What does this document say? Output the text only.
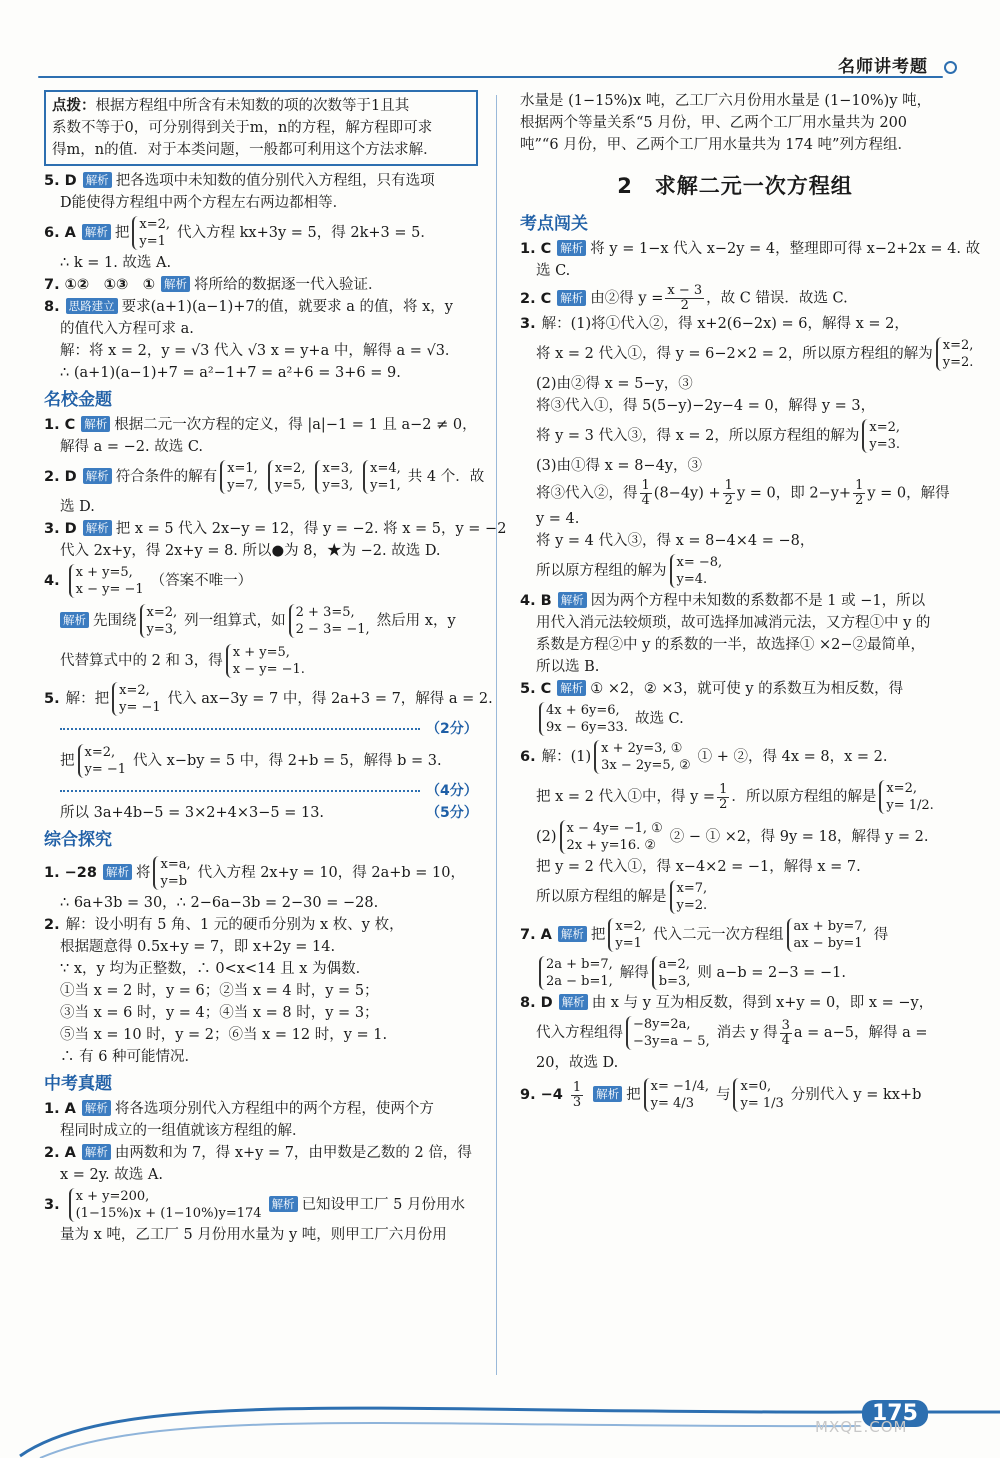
名师讲考题
点拨：根据方程组中所含有未知数的项的次数等于1且其
系数不等于0，可分别得到关于m，n的方程，解方程即可求
得m，n的值．对于本类问题，一般都可利用这个方法求解．
5. D 解析 把各选项中未知数的值分别代入方程组，只有选项
D能使得方程组中两个方程左右两边都相等．
6. A 解析 把x=2,
y=1代入方程 kx+3y = 5，得 2k+3 = 5．
∴ k = 1. 故选 A.
7. ①②　①③　① 解析 将所给的数据逐一代入验证．
8. 思路建立 要求(a+1)(a−1)+7的值，就要求 a 的值，将 x，y
的值代入方程可求 a.
解：将 x = 2，y = √3 代入 √3 x = y+a 中，解得 a = √3．
∴ (a+1)(a−1)+7 = a²−1+7 = a²+6 = 3+6 = 9.
名校金题
1. C 解析 根据二元一次方程的定义，得 |a|−1 = 1 且 a−2 ≠ 0，
解得 a = −2. 故选 C.
2. D 解析 符合条件的解有x=1,
y=7,x=2,
y=5,x=3,
y=3,x=4,
y=1,共 4 个．故
选 D.
3. D 解析 把 x = 5 代入 2x−y = 12，得 y = −2. 将 x = 5，y = −2
代入 2x+y，得 2x+y = 8. 所以●为 8，★为 −2. 故选 D.
4.x + y=5,
x − y= −1（答案不唯一）
解析 先围绕x=2,
y=3,列一组算式，如2 + 3=5,
2 − 3= −1,然后用 x，y
代替算式中的 2 和 3，得x + y=5,
x − y= −1.
5. 解：把x=2,
y= −1代入 ax−3y = 7 中，得 2a+3 = 7，解得 a = 2.
（2分）
把x=2,
y= −1代入 x−by = 5 中，得 2+b = 5，解得 b = 3.
（4分）
所以 3a+4b−5 = 3×2+4×3−5 = 13.	（5分）
综合探究
1. −28 解析 将x=a,
y=b代入方程 2x+y = 10，得 2a+b = 10，
∴ 6a+3b = 30，∴ 2−6a−3b = 2−30 = −28.
2. 解：设小明有 5 角、1 元的硬币分别为 x 枚、y 枚，
根据题意得 0.5x+y = 7，即 x+2y = 14.
∵ x，y 均为正整数，∴ 0<x<14 且 x 为偶数．
①当 x = 2 时，y = 6；②当 x = 4 时，y = 5；
③当 x = 6 时，y = 4；④当 x = 8 时，y = 3；
⑤当 x = 10 时，y = 2；⑥当 x = 12 时，y = 1.
∴ 有 6 种可能情况．
中考真题
1. A 解析 将各选项分别代入方程组中的两个方程，使两个方
程同时成立的一组值就该方程组的解．
2. A 解析 由两数和为 7，得 x+y = 7，由甲数是乙数的 2 倍，得
x = 2y. 故选 A.
3.x + y=200,
(1−15%)x + (1−10%)y=174解析 已知设甲工厂 5 月份用水
量为 x 吨，乙工厂 5 月份用水量为 y 吨，则甲工厂六月份用
水量是 (1−15%)x 吨，乙工厂六月份用水量是 (1−10%)y 吨，
根据两个等量关系“5 月份，甲、乙两个工厂用水量共为 200
吨”“6 月份，甲、乙两个工厂用水量共为 174 吨”列方程组．
2　求解二元一次方程组
考点闯关
1. C 解析 将 y = 1−x 代入 x−2y = 4，整理即可得 x−2+2x = 4. 故
选 C.
2. C 解析 由②得 $y = \frac{x - 3}{2}$ ，故 C 错误．故选 C.
3. 解：(1)将①代入②，得 x+2(6−2x) = 6，解得 x = 2，
将 x = 2 代入①，得 y = 6−2×2 = 2，所以原方程组的解为x=2,
y=2.
(2)由②得 x = 5−y，③
将③代入①，得 5(5−y)−2y−4 = 0，解得 y = 3，
将 y = 3 代入③，得 x = 2，所以原方程组的解为x=2,
y=3.
(3)由①得 x = 8−4y，③
将③代入②，得 $\frac{1}{4} (8-4y) + \frac{1}{2}$ y = 0，即 $2-y+ \frac{1}{2}$ y = 0，解得
y = 4.
将 y = 4 代入③，得 x = 8−4×4 = −8，
所以原方程组的解为x= −8,
y=4.
4. B 解析 因为两个方程中未知数的系数都不是 1 或 −1，所以
用代入消元法较烦琐，故可选择加减消元法，又方程①中 y 的
系数是方程②中 y 的系数的一半，故选择① ×2−②最简单，
所以选 B.
5. C 解析 ① ×2，② ×3，就可使 y 的系数互为相反数，得
4x + 6y=6,
9x − 6y=33.故选 C.
6. 解：(1)x + 2y=3, ①
3x − 2y=5, ②① + ②，得 4x = 8，x = 2.
把 x = 2 代入①中，得 $y = \frac{1}{2}$ ．所以原方程组的解是x=2,
y= 1/2.
(2)x − 4y= −1, ①
2x + y=16. ②② − ① ×2，得 9y = 18，解得 y = 2.
把 y = 2 代入①，得 x−4×2 = −1，解得 x = 7.
所以原方程组的解是x=7,
y=2.
7. A 解析 把x=2,
y=1代入二元一次方程组ax + by=7,
ax − by=1得
2a + b=7,
2a − b=1,解得a=2,
b=3,则 a−b = 2−3 = −1.
8. D 解析 由 x 与 y 互为相反数，得到 x+y = 0，即 x = −y，
代入方程组得−8y=2a,
−3y=a − 5,消去 y 得 $\frac{3}{4}$ a = a−5，解得 a =
20，故选 D.
9. $-4 \frac{1}{3}$ 解析 把x= −1/4,
y= 4/3与x=0,
y= 1/3分别代入 y = kx+b
175
MXQE.COM
